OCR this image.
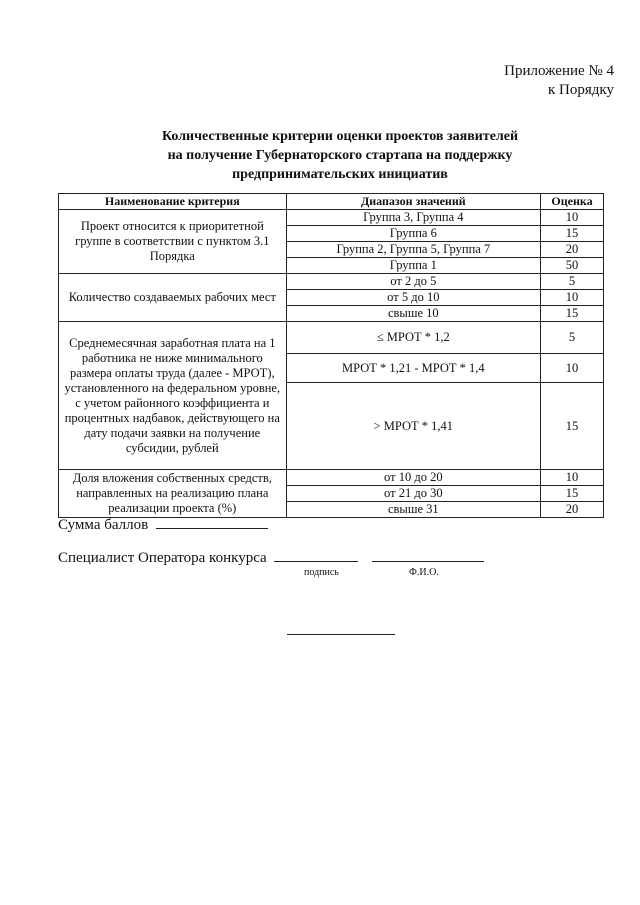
Приложение № 4
к Порядку
Количественные критерии оценки проектов заявителей
на получение Губернаторского стартапа на поддержку
предпринимательских инициатив
Наименование критерия	Диапазон значений	Оценка
Проект относится к приоритетной группе в соответствии с пунктом 3.1 Порядка	Группа 3, Группа 4	10
	Группа 6	15
	Группа 2, Группа 5, Группа 7	20
	Группа 1	50
Количество создаваемых рабочих мест	от 2 до 5	5
	от 5 до 10	10
	свыше 10	15
Среднемесячная заработная плата на 1 работника не ниже минимального размера оплаты труда (далее - МРОТ), установленного на федеральном уровне, с учетом районного коэффициента и процентных надбавок, действующего на дату подачи заявки на получение субсидии, рублей	≤ МРОТ * 1,2	5
	МРОТ * 1,21 - МРОТ * 1,4	10
	> МРОТ * 1,41	15
Доля вложения собственных средств, направленных на реализацию плана реализации проекта (%)	от 10 до 20	10
	от 21 до 30	15
	свыше 31	20
Сумма баллов
Специалист Оператора конкурса
подпись	Ф.И.О.
